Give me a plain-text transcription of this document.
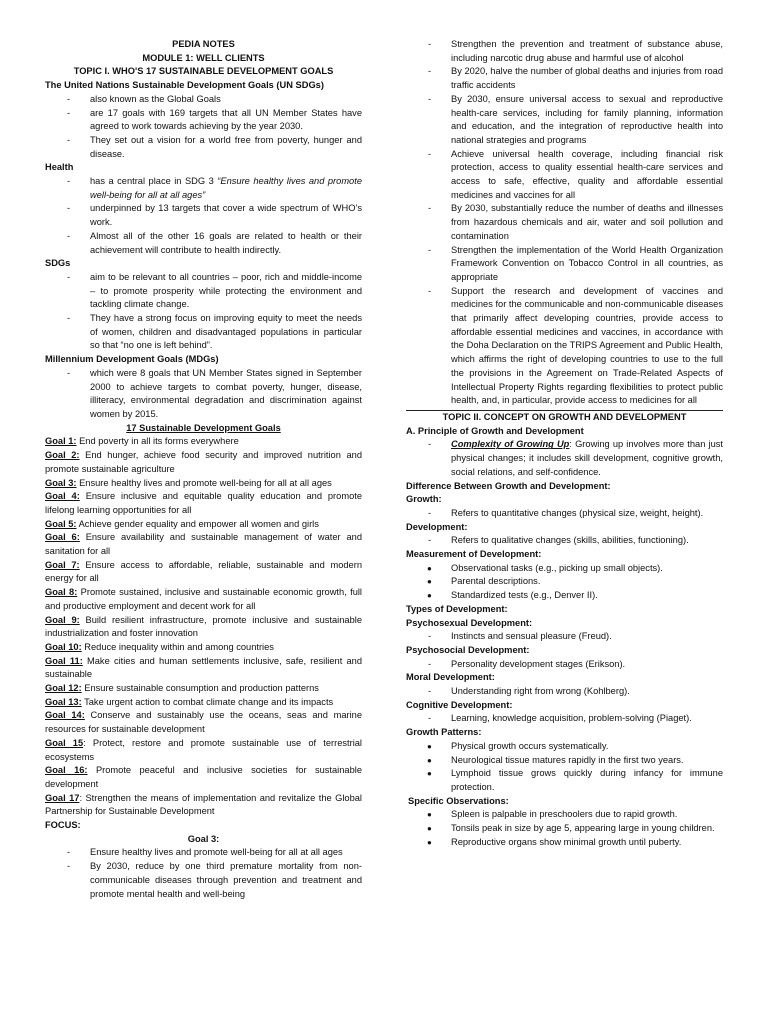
PEDIA NOTES
MODULE 1: WELL CLIENTS
TOPIC I. WHO'S 17 SUSTAINABLE DEVELOPMENT GOALS
The United Nations Sustainable Development Goals (UN SDGs)
- also known as the Global Goals
- are 17 goals with 169 targets that all UN Member States have agreed to work towards achieving by the year 2030.
- They set out a vision for a world free from poverty, hunger and disease.
Health
- has a central place in SDG 3 “Ensure healthy lives and promote well-being for all at all ages”
- underpinned by 13 targets that cover a wide spectrum of WHO’s work.
- Almost all of the other 16 goals are related to health or their achievement will contribute to health indirectly.
SDGs
- aim to be relevant to all countries – poor, rich and middle-income – to promote prosperity while protecting the environment and tackling climate change.
- They have a strong focus on improving equity to meet the needs of women, children and disadvantaged populations in particular so that “no one is left behind”.
Millennium Development Goals (MDGs)
- which were 8 goals that UN Member States signed in September 2000 to achieve targets to combat poverty, hunger, disease, illiteracy, environmental degradation and discrimination against women by 2015.
17 Sustainable Development Goals
Goal 1: End poverty in all its forms everywhere
Goal 2: End hunger, achieve food security and improved nutrition and promote sustainable agriculture
Goal 3: Ensure healthy lives and promote well-being for all at all ages
Goal 4: Ensure inclusive and equitable quality education and promote lifelong learning opportunities for all
Goal 5: Achieve gender equality and empower all women and girls
Goal 6: Ensure availability and sustainable management of water and sanitation for all
Goal 7: Ensure access to affordable, reliable, sustainable and modern energy for all
Goal 8: Promote sustained, inclusive and sustainable economic growth, full and productive employment and decent work for all
Goal 9: Build resilient infrastructure, promote inclusive and sustainable industrialization and foster innovation
Goal 10: Reduce inequality within and among countries
Goal 11: Make cities and human settlements inclusive, safe, resilient and sustainable
Goal 12: Ensure sustainable consumption and production patterns
Goal 13: Take urgent action to combat climate change and its impacts
Goal 14: Conserve and sustainably use the oceans, seas and marine resources for sustainable development
Goal 15: Protect, restore and promote sustainable use of terrestrial ecosystems
Goal 16: Promote peaceful and inclusive societies for sustainable development
Goal 17: Strengthen the means of implementation and revitalize the Global Partnership for Sustainable Development
FOCUS:
Goal 3:
- Ensure healthy lives and promote well-being for all at all ages
- By 2030, reduce by one third premature mortality from non-communicable diseases through prevention and treatment and promote mental health and well-being
- Strengthen the prevention and treatment of substance abuse, including narcotic drug abuse and harmful use of alcohol
- By 2020, halve the number of global deaths and injuries from road traffic accidents
- By 2030, ensure universal access to sexual and reproductive health-care services, including for family planning, information and education, and the integration of reproductive health into national strategies and programs
- Achieve universal health coverage, including financial risk protection, access to quality essential health-care services and access to safe, effective, quality and affordable essential medicines and vaccines for all
- By 2030, substantially reduce the number of deaths and illnesses from hazardous chemicals and air, water and soil pollution and contamination
- Strengthen the implementation of the World Health Organization Framework Convention on Tobacco Control in all countries, as appropriate
- Support the research and development of vaccines and medicines for the communicable and non-communicable diseases that primarily affect developing countries, provide access to affordable essential medicines and vaccines, in accordance with the Doha Declaration on the TRIPS Agreement and Public Health, which affirms the right of developing countries to use to the full the provisions in the Agreement on Trade-Related Aspects of Intellectual Property Rights regarding flexibilities to protect public health, and, in particular, provide access to medicines for all
TOPIC II. CONCEPT ON GROWTH AND DEVELOPMENT
A. Principle of Growth and Development
- Complexity of Growing Up: Growing up involves more than just physical changes; it includes skill development, cognitive growth, social relations, and self-confidence.
Difference Between Growth and Development:
Growth:
- Refers to quantitative changes (physical size, weight, height).
Development:
- Refers to qualitative changes (skills, abilities, functioning).
Measurement of Development:
● Observational tasks (e.g., picking up small objects).
● Parental descriptions.
● Standardized tests (e.g., Denver II).
Types of Development:
Psychosexual Development:
- Instincts and sensual pleasure (Freud).
Psychosocial Development:
- Personality development stages (Erikson).
Moral Development:
- Understanding right from wrong (Kohlberg).
Cognitive Development:
- Learning, knowledge acquisition, problem-solving (Piaget).
Growth Patterns:
● Physical growth occurs systematically.
● Neurological tissue matures rapidly in the first two years.
● Lymphoid tissue grows quickly during infancy for immune protection.
Specific Observations:
● Spleen is palpable in preschoolers due to rapid growth.
● Tonsils peak in size by age 5, appearing large in young children.
● Reproductive organs show minimal growth until puberty.
